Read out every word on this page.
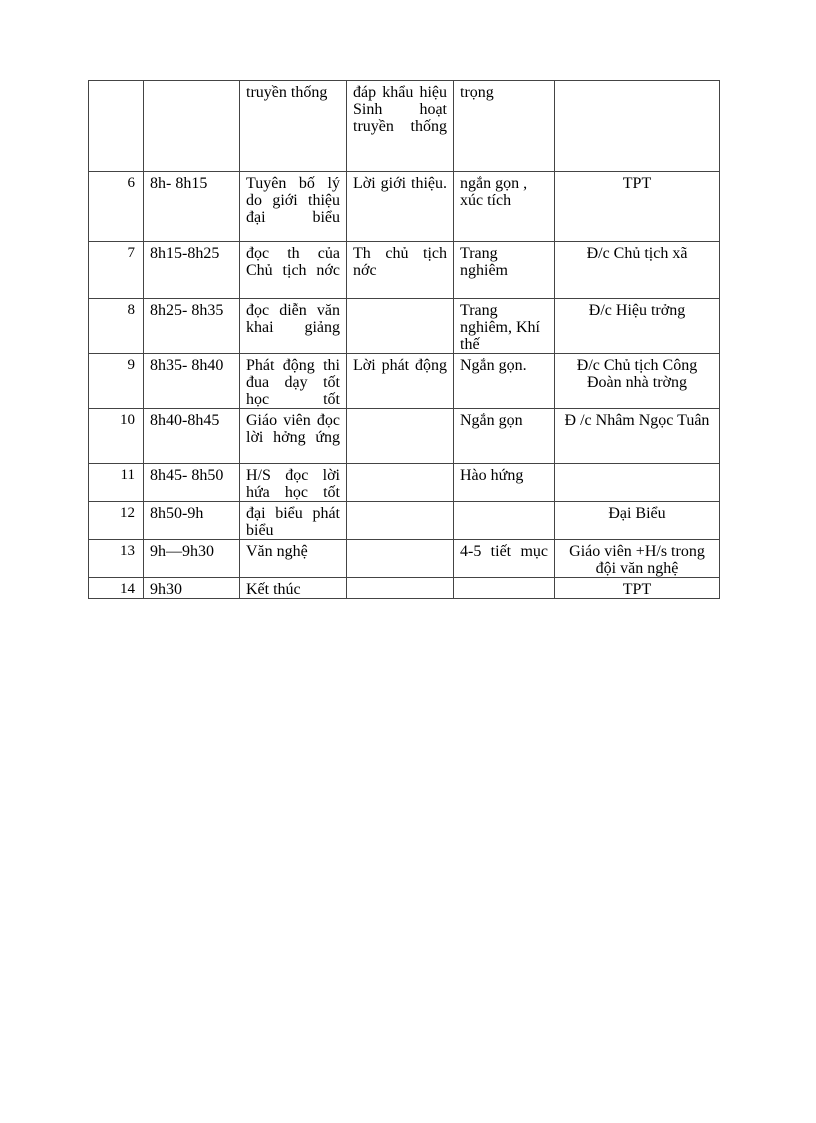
		truyền thống	đáp khẩu hiệu Sinh hoạt truyền thống	trọng	
6	8h- 8h15	Tuyên bố lý do giới thiệu đại biểu	Lời giới thiệu.	ngắn gọn , xúc tích	TPT
7	8h15-8h25	đọc th của Chủ tịch nớc	Th chủ tịch nớc	Trang nghiêm	Đ/c Chủ tịch xã
8	8h25- 8h35	đọc diễn văn khai giảng		Trang nghiêm, Khí thế	Đ/c Hiệu trởng
9	8h35- 8h40	Phát động thi đua dạy tốt học tốt	Lời phát động	Ngắn gọn.	Đ/c Chủ tịch Công Đoàn nhà trờng
10	8h40-8h45	Giáo viên đọc lời hởng ứng		Ngắn gọn	Đ /c Nhâm Ngọc Tuân
11	8h45- 8h50	H/S đọc lời hứa học tốt		Hào hứng	
12	8h50-9h	đại biểu phát biểu			Đại Biểu
13	9h—9h30	Văn nghệ		4-5 tiết mục	Giáo viên +H/s trong đội văn nghệ
14	9h30	Kết thúc			TPT
